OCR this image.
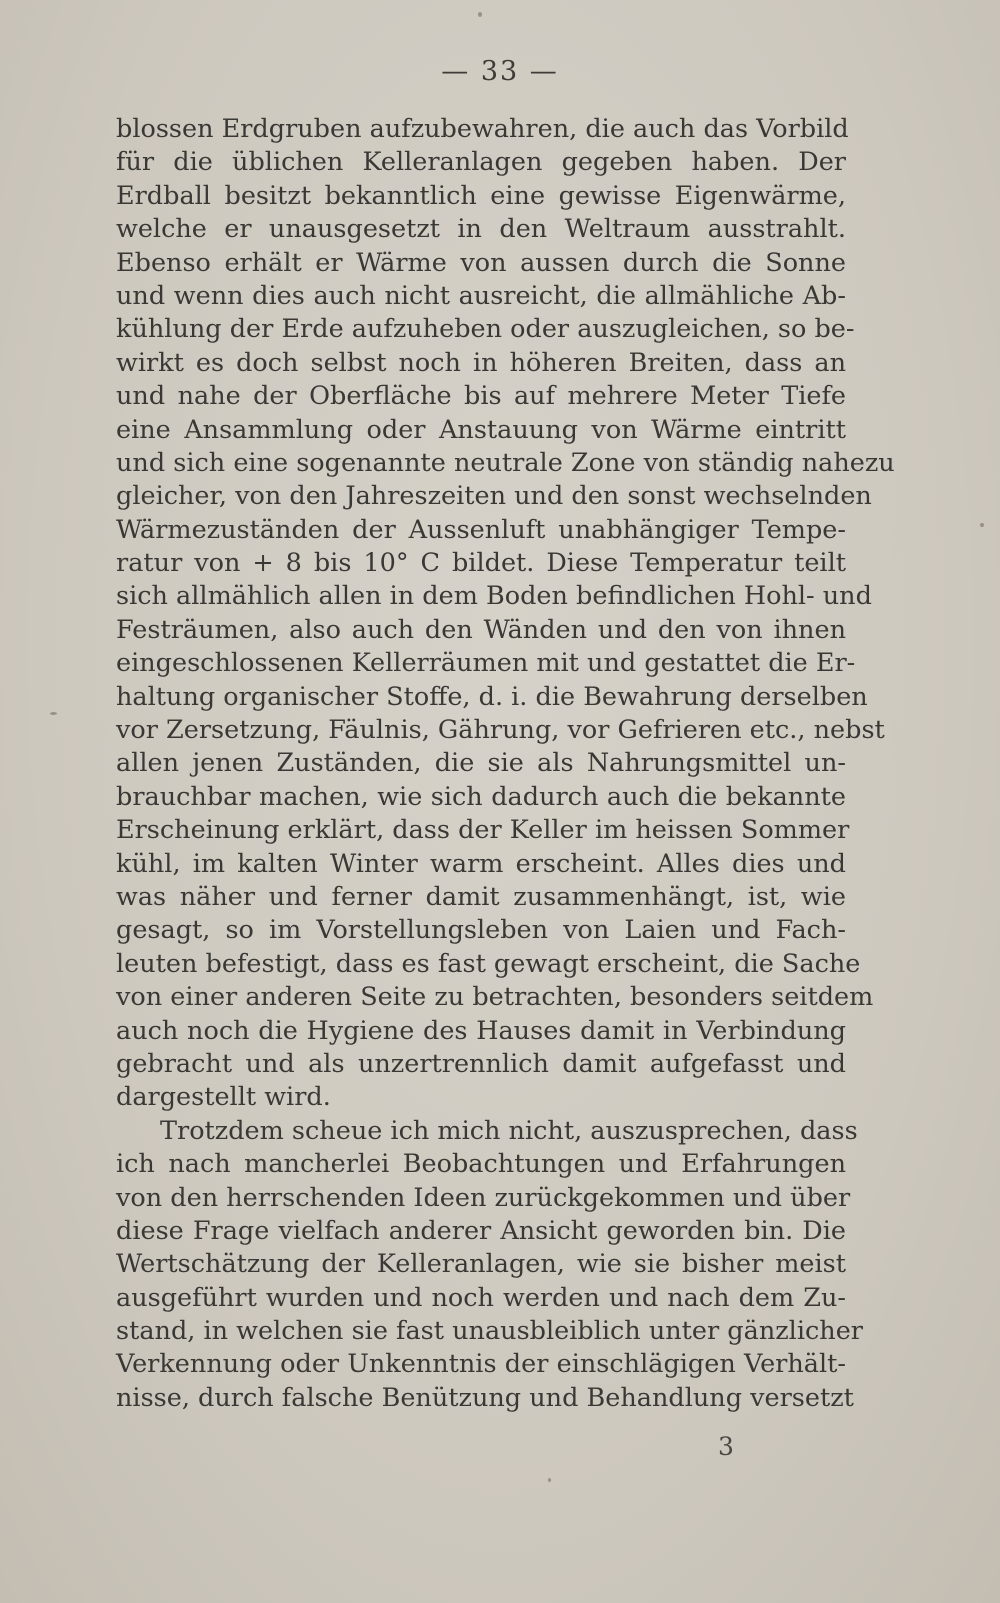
— 33 —
blossen Erdgruben aufzubewahren, die auch das Vorbild
für die üblichen Kelleranlagen gegeben haben. Der
Erdball besitzt bekanntlich eine gewisse Eigenwärme,
welche er unausgesetzt in den Weltraum ausstrahlt.
Ebenso erhält er Wärme von aussen durch die Sonne
und wenn dies auch nicht ausreicht, die allmähliche Ab-
kühlung der Erde aufzuheben oder auszugleichen, so be-
wirkt es doch selbst noch in höheren Breiten, dass an
und nahe der Oberfläche bis auf mehrere Meter Tiefe
eine Ansammlung oder Anstauung von Wärme eintritt
und sich eine sogenannte neutrale Zone von ständig nahezu
gleicher, von den Jahreszeiten und den sonst wechselnden
Wärmezuständen der Aussenluft unabhängiger Tempe-
ratur von + 8 bis 10° C bildet. Diese Temperatur teilt
sich allmählich allen in dem Boden befindlichen Hohl- und
Festräumen, also auch den Wänden und den von ihnen
eingeschlossenen Kellerräumen mit und gestattet die Er-
haltung organischer Stoffe, d. i. die Bewahrung derselben
vor Zersetzung, Fäulnis, Gährung, vor Gefrieren etc., nebst
allen jenen Zuständen, die sie als Nahrungsmittel un-
brauchbar machen, wie sich dadurch auch die bekannte
Erscheinung erklärt, dass der Keller im heissen Sommer
kühl, im kalten Winter warm erscheint. Alles dies und
was näher und ferner damit zusammenhängt, ist, wie
gesagt, so im Vorstellungsleben von Laien und Fach-
leuten befestigt, dass es fast gewagt erscheint, die Sache
von einer anderen Seite zu betrachten, besonders seitdem
auch noch die Hygiene des Hauses damit in Verbindung
gebracht und als unzertrennlich damit aufgefasst und
dargestellt wird.
Trotzdem scheue ich mich nicht, auszusprechen, dass
ich nach mancherlei Beobachtungen und Erfahrungen
von den herrschenden Ideen zurückgekommen und über
diese Frage vielfach anderer Ansicht geworden bin. Die
Wertschätzung der Kelleranlagen, wie sie bisher meist
ausgeführt wurden und noch werden und nach dem Zu-
stand, in welchen sie fast unausbleiblich unter gänzlicher
Verkennung oder Unkenntnis der einschlägigen Verhält-
nisse, durch falsche Benützung und Behandlung versetzt
3
